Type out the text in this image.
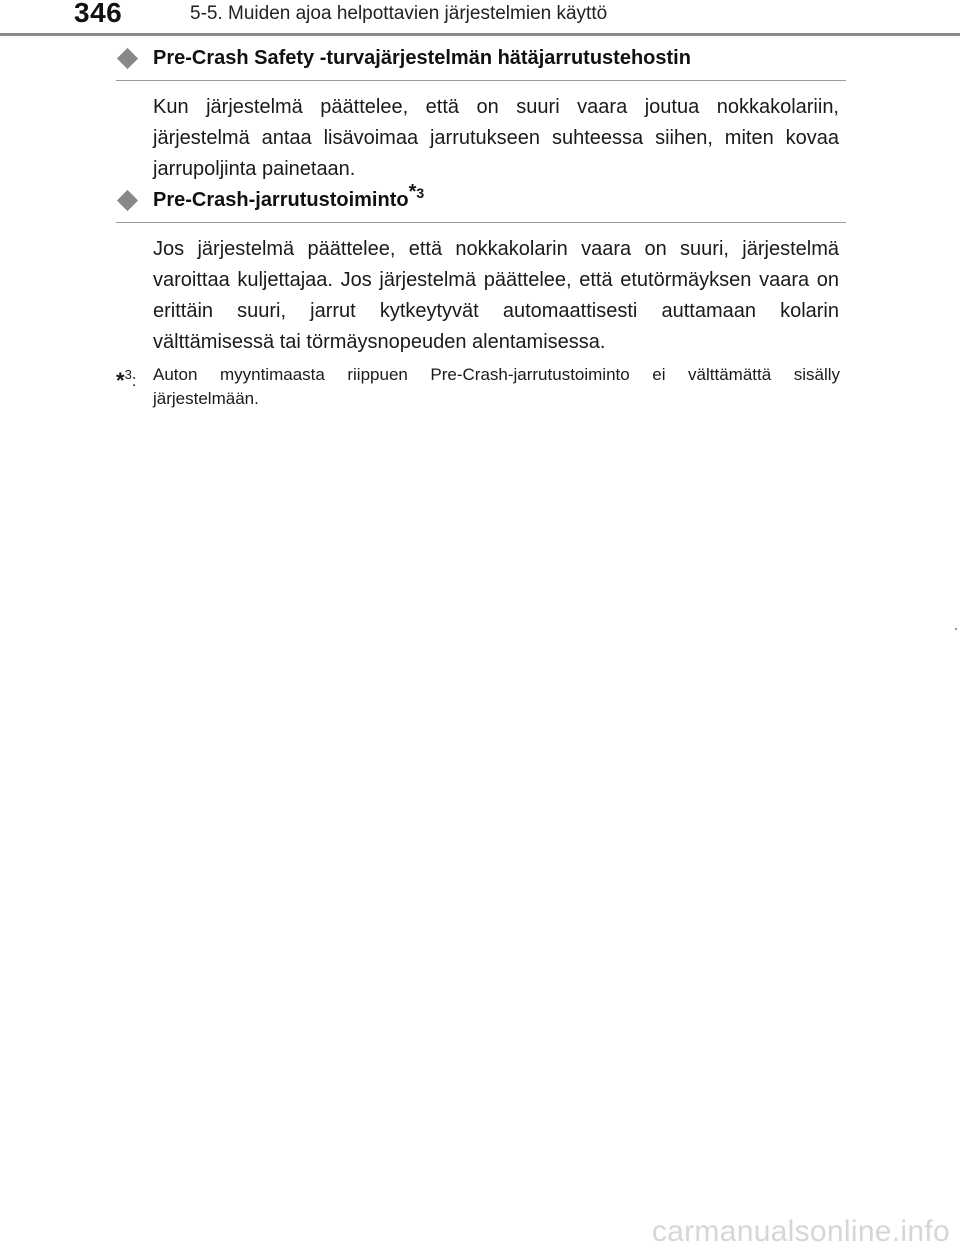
346	5-5. Muiden ajoa helpottavien järjestelmien käyttö
Pre-Crash Safety -turvajärjestelmän hätäjarrutustehostin
Kun järjestelmä päättelee, että on suuri vaara joutua nokkakolariin, järjestelmä antaa lisävoimaa jarrutukseen suhteessa siihen, miten kovaa jarrupoljinta painetaan.
Pre-Crash-jarrutustoiminto$^{*3}$
Jos järjestelmä päättelee, että nokkakolarin vaara on suuri, järjestelmä varoittaa kuljettajaa. Jos järjestelmä päättelee, että etutörmäyksen vaara on erittäin suuri, jarrut kytkeytyvät automaattisesti auttamaan kolarin välttämisessä tai törmäysnopeuden alentamisessa.
*$^3$: Auton myyntimaasta riippuen Pre-Crash-jarrutustoiminto ei välttämättä sisälly järjestelmään.
carmanualsonline.info
